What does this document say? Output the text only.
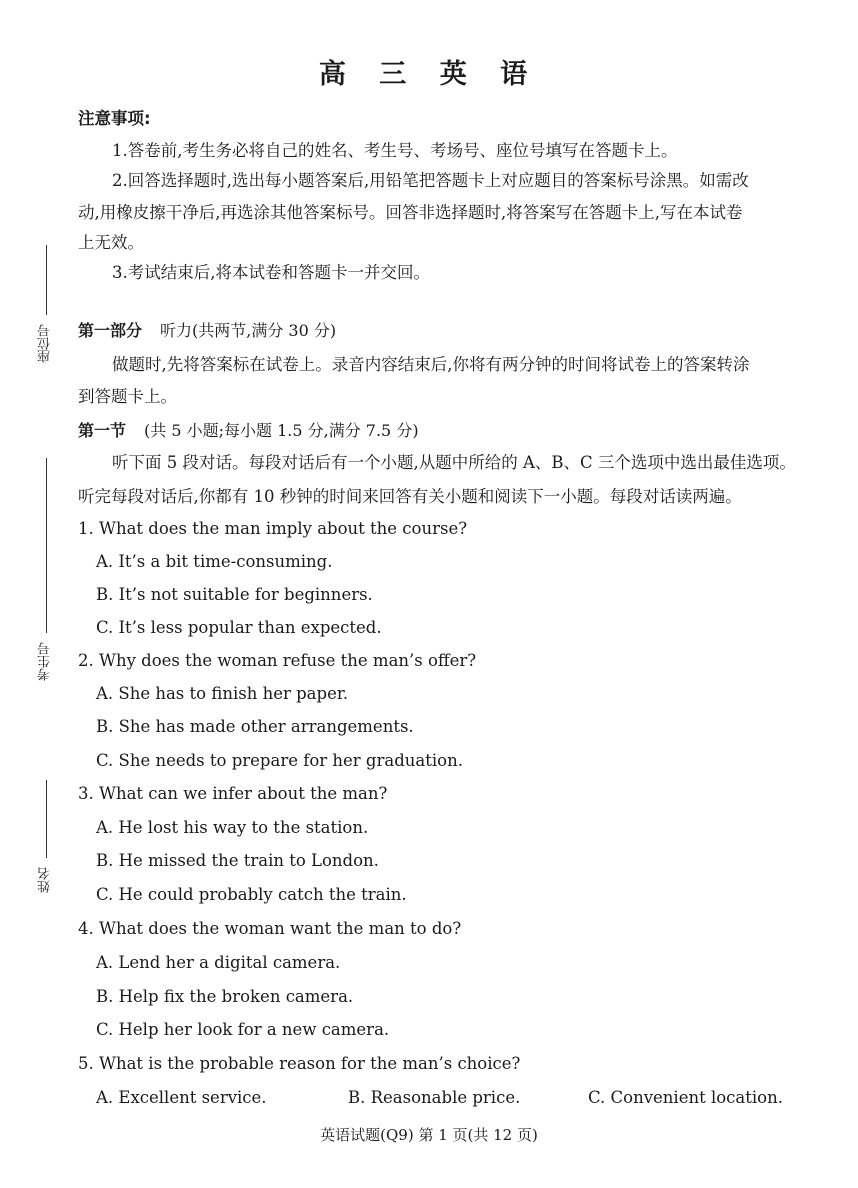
高 三 英 语
注意事项:
1.答卷前,考生务必将自己的姓名、考生号、考场号、座位号填写在答题卡上。
2.回答选择题时,选出每小题答案后,用铅笔把答题卡上对应题目的答案标号涂黑。如需改
动,用橡皮擦干净后,再选涂其他答案标号。回答非选择题时,将答案写在答题卡上,写在本试卷
上无效。
3.考试结束后,将本试卷和答题卡一并交回。
座位号
考生号
姓名
第一部分 听力(共两节,满分 30 分)
做题时,先将答案标在试卷上。录音内容结束后,你将有两分钟的时间将试卷上的答案转涂
到答题卡上。
第一节 (共 5 小题;每小题 1.5 分,满分 7.5 分)
听下面 5 段对话。每段对话后有一个小题,从题中所给的 A、B、C 三个选项中选出最佳选项。
听完每段对话后,你都有 10 秒钟的时间来回答有关小题和阅读下一小题。每段对话读两遍。
1. What does the man imply about the course?
A. It’s a bit time-consuming.
B. It’s not suitable for beginners.
C. It’s less popular than expected.
2. Why does the woman refuse the man’s offer?
A. She has to finish her paper.
B. She has made other arrangements.
C. She needs to prepare for her graduation.
3. What can we infer about the man?
A. He lost his way to the station.
B. He missed the train to London.
C. He could probably catch the train.
4. What does the woman want the man to do?
A. Lend her a digital camera.
B. Help fix the broken camera.
C. Help her look for a new camera.
5. What is the probable reason for the man’s choice?
A. Excellent service.	B. Reasonable price.	C. Convenient location.
英语试题(Q9) 第 1 页(共 12 页)
